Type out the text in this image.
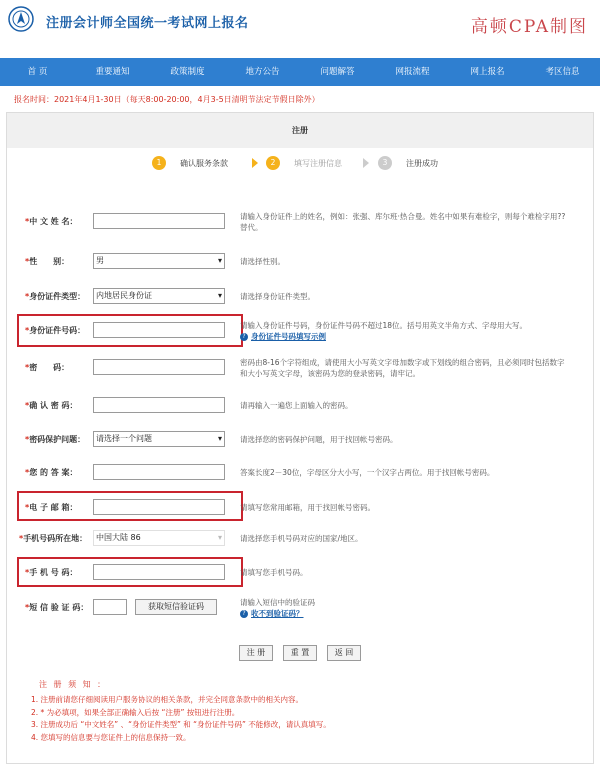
注册会计师全国统一考试网上报名	高顿CPA制图
首 页	重要通知	政策制度	地方公告	问题解答	网报流程	网上报名	考区信息
报名时间：2021年4月1-30日（每天8:00-20:00，4月3-5日清明节法定节假日除外）
注册
1	确认服务条款	2	填写注册信息	3	注册成功
*中 文 姓 名：
请输入身份证件上的姓名，例如：张强、库尔班·热合曼。姓名中如果有难检字，则每个难检字用??替代。
*性　　别：	男	▾ 请选择性别。
*身份证件类型：	内地居民身份证	▾ 请选择身份证件类型。
*身份证件号码：
请输入身份证件号码，身份证件号码不超过18位。括号用英文半角方式、字母用大写。
? 身份证件号码填写示例
*密　　码：
密码由8-16个字符组成，请使用大小写英文字母加数字或下划线的组合密码，且必须同时包括数字和大小写英文字母，该密码为您的登录密码，请牢记。
*确 认 密 码：	请再输入一遍您上面输入的密码。
*密码保护问题：	请选择一个问题	▾ 请选择您的密码保护问题，用于找回帐号密码。
*您 的 答 案：	答案长度2－30位，字母区分大小写，一个汉字占两位。用于找回帐号密码。
*电 子 邮 箱：	请填写您常用邮箱，用于找回帐号密码。
*手机号码所在地：	中国大陆 86	▾ 请选择您手机号码对应的国家/地区。
*手 机 号 码：	请填写您手机号码。
*短 信 验 证 码：	获取短信验证码	请输入短信中的验证码
? 收不到验证码？
注 册	重 置	返 回
注 册 须 知 ：
1. 注册前请您仔细阅读用户服务协议的相关条款，并完全同意条款中的相关内容。
2. * 为必填项，如果全部正确输入后按 “注册” 按钮进行注册。
3. 注册成功后 “中文姓名” 、“身份证件类型” 和 “身份证件号码” 不能修改，请认真填写。
4. 您填写的信息要与您证件上的信息保持一致。
